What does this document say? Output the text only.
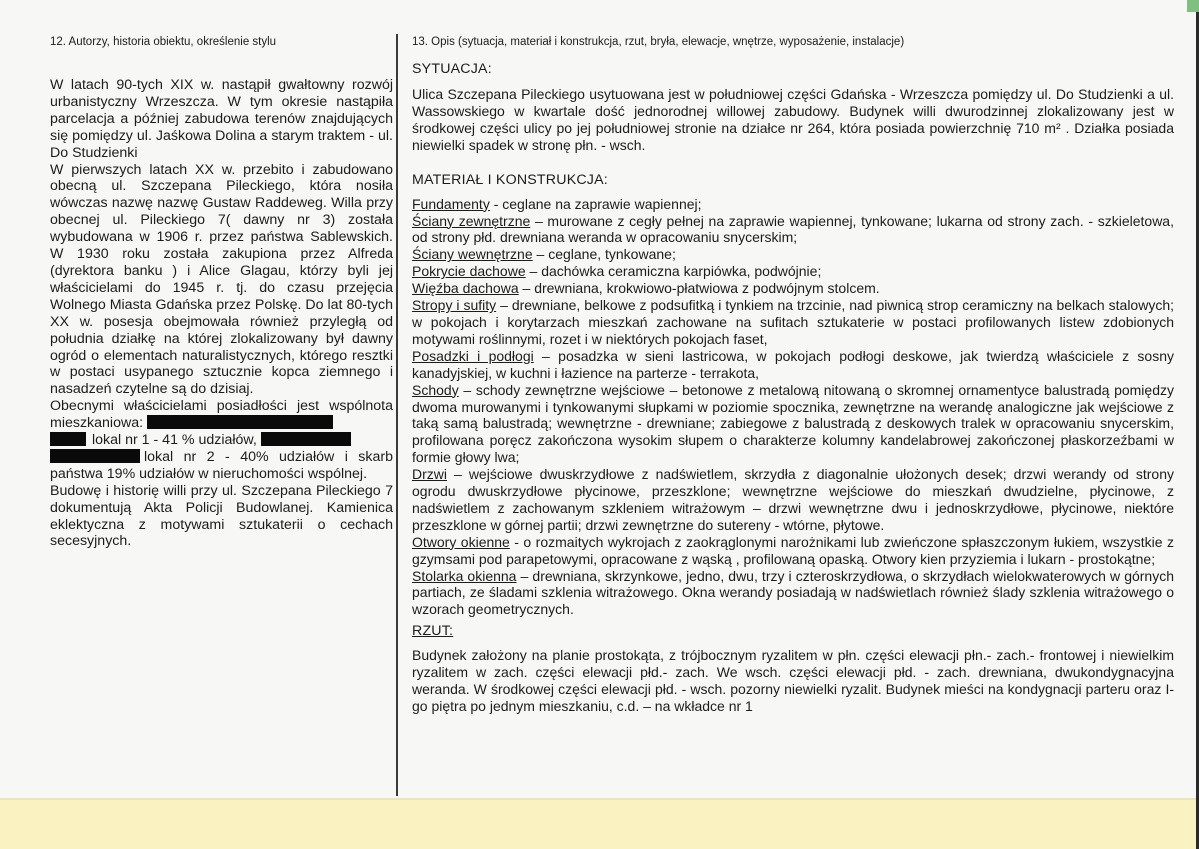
12. Autorzy, historia obiektu, określenie stylu

W latach 90-tych XIX w. nastąpił gwałtowny rozwój urbanistyczny Wrzeszcza. W tym okresie nastąpiła parcelacja a później zabudowa terenów znajdujących się pomiędzy ul. Jaśkowa Dolina a starym traktem - ul. Do Studzienki

W pierwszych latach XX w. przebito i zabudowano obecną ul. Szczepana Pileckiego, która nosiła wówczas nazwę nazwę Gustaw Raddeweg. Willa przy obecnej ul. Pileckiego 7( dawny nr 3) została wybudowana w 1906 r. przez państwa Sablewskich. W 1930 roku została zakupiona przez Alfreda (dyrektora banku ) i Alice Glagau, którzy byli jej właścicielami do 1945 r. tj. do czasu przejęcia Wolnego Miasta Gdańska przez Polskę. Do lat 80-tych XX w. posesja obejmowała również przyległą od południa działkę na której zlokalizowany był dawny ogród o elementach naturalistycznych, którego resztki w postaci usypanego sztucznie kopca ziemnego i nasadzeń czytelne są do dzisiaj.

Obecnymi właścicielami posiadłości jest wspólnota mieszkaniowa:

lokal nr 1 - 41 % udziałów,

lokal nr 2 - 40% udziałów i skarb państwa 19% udziałów w nieruchomości wspólnej.

Budowę i historię willi przy ul. Szczepana Pileckiego 7 dokumentują Akta Policji Budowlanej. Kamienica eklektyczna z motywami sztukaterii o cechach secesyjnych.

13. Opis (sytuacja, materiał i konstrukcja, rzut, bryła, elewacje, wnętrze, wyposażenie, instalacje)

SYTUACJA:

Ulica Szczepana Pileckiego usytuowana jest w południowej części Gdańska - Wrzeszcza pomiędzy ul. Do Studzienki a ul. Wassowskiego w kwartale dość jednorodnej willowej zabudowy. Budynek willi dwurodzinnej zlokalizowany jest w środkowej części ulicy po jej południowej stronie na działce nr 264, która posiada powierzchnię 710 m² . Działka posiada niewielki spadek w stronę płn. - wsch.

MATERIAŁ I KONSTRUKCJA:

Fundamenty - ceglane na zaprawie wapiennej;

Ściany zewnętrzne – murowane z cegły pełnej na zaprawie wapiennej, tynkowane; lukarna od strony zach. - szkieletowa, od strony płd. drewniana weranda w opracowaniu snycerskim;

Ściany wewnętrzne – ceglane, tynkowane;

Pokrycie dachowe – dachówka ceramiczna karpiówka, podwójnie;

Więźba dachowa – drewniana, krokwiowo-płatwiowa z podwójnym stolcem.

Stropy i sufity – drewniane, belkowe z podsufitką i tynkiem na trzcinie, nad piwnicą strop ceramiczny na belkach stalowych; w pokojach i korytarzach mieszkań zachowane na sufitach sztukaterie w postaci profilowanych listew zdobionych motywami roślinnymi, rozet i w niektórych pokojach faset,

Posadzki i podłogi – posadzka w sieni lastricowa, w pokojach podłogi deskowe, jak twierdzą właściciele z sosny kanadyjskiej, w kuchni i łazience na parterze - terrakota,

Schody – schody zewnętrzne wejściowe – betonowe z metalową nitowaną o skromnej ornamentyce balustradą pomiędzy dwoma murowanymi i tynkowanymi słupkami w poziomie spocznika, zewnętrzne na werandę analogiczne jak wejściowe z taką samą balustradą; wewnętrzne - drewniane; zabiegowe z balustradą z deskowych tralek w opracowaniu snycerskim, profilowana poręcz zakończona wysokim słupem o charakterze kolumny kandelabrowej zakończonej płaskorzeźbami w formie głowy lwa;

Drzwi – wejściowe dwuskrzydłowe z nadświetlem, skrzydła z diagonalnie ułożonych desek; drzwi werandy od strony ogrodu dwuskrzydłowe płycinowe, przeszklone; wewnętrzne wejściowe do mieszkań dwudzielne, płycinowe, z nadświetlem z zachowanym szkleniem witrażowym – drzwi wewnętrzne dwu i jednoskrzydłowe, płycinowe, niektóre przeszklone w górnej partii; drzwi zewnętrzne do sutereny - wtórne, płytowe.

Otwory okienne - o rozmaitych wykrojach z zaokrąglonymi narożnikami lub zwieńczone spłaszczonym łukiem, wszystkie z gzymsami pod parapetowymi, opracowane z wąską , profilowaną opaską. Otwory kien przyziemia i lukarn - prostokątne;

Stolarka okienna – drewniana, skrzynkowe, jedno, dwu, trzy i czteroskrzydłowa, o skrzydłach wielokwaterowych w górnych partiach, ze śladami szklenia witrażowego. Okna werandy posiadają w nadświetlach również ślady szklenia witrażowego o wzorach geometrycznych.

RZUT:

Budynek założony na planie prostokąta, z trójbocznym ryzalitem w płn. części elewacji płn.- zach.- frontowej i niewielkim ryzalitem w zach. części elewacji płd.- zach. We wsch. części elewacji płd. - zach. drewniana, dwukondygnacyjna weranda. W środkowej części elewacji płd. - wsch. pozorny niewielki ryzalit. Budynek mieści na kondygnacji parteru oraz I-go piętra po jednym mieszkaniu, c.d. – na wkładce nr 1
